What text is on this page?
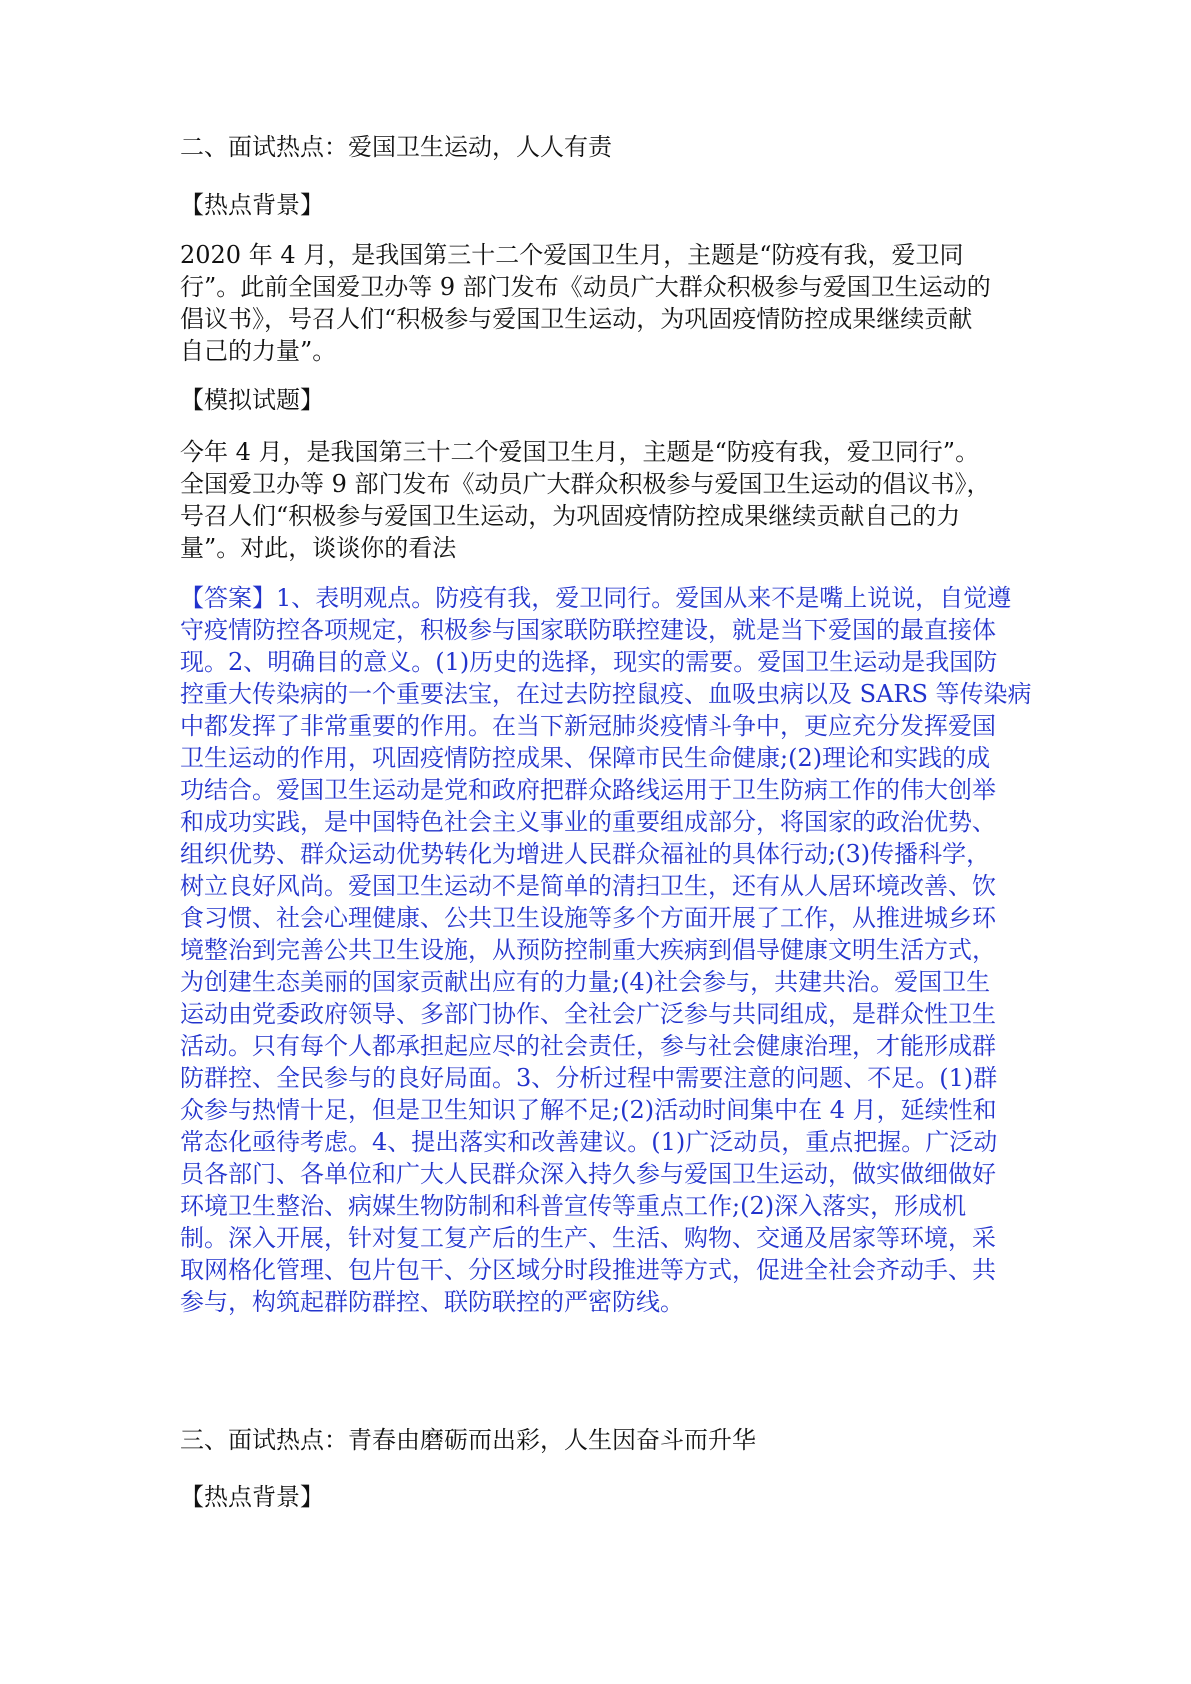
二、面试热点：爱国卫生运动，人人有责
【热点背景】
2020 年 4 月，是我国第三十二个爱国卫生月，主题是“防疫有我，爱卫同
行”。此前全国爱卫办等 9 部门发布《动员广大群众积极参与爱国卫生运动的
倡议书》，号召人们“积极参与爱国卫生运动，为巩固疫情防控成果继续贡献
自己的力量”。
【模拟试题】
今年 4 月，是我国第三十二个爱国卫生月，主题是“防疫有我，爱卫同行”。
全国爱卫办等 9 部门发布《动员广大群众积极参与爱国卫生运动的倡议书》，
号召人们“积极参与爱国卫生运动，为巩固疫情防控成果继续贡献自己的力
量”。对此，谈谈你的看法
【答案】1、表明观点。防疫有我，爱卫同行。爱国从来不是嘴上说说，自觉遵
守疫情防控各项规定，积极参与国家联防联控建设，就是当下爱国的最直接体
现。2、明确目的意义。(1)历史的选择，现实的需要。爱国卫生运动是我国防
控重大传染病的一个重要法宝，在过去防控鼠疫、血吸虫病以及 SARS 等传染病
中都发挥了非常重要的作用。在当下新冠肺炎疫情斗争中，更应充分发挥爱国
卫生运动的作用，巩固疫情防控成果、保障市民生命健康;(2)理论和实践的成
功结合。爱国卫生运动是党和政府把群众路线运用于卫生防病工作的伟大创举
和成功实践，是中国特色社会主义事业的重要组成部分，将国家的政治优势、
组织优势、群众运动优势转化为增进人民群众福祉的具体行动;(3)传播科学，
树立良好风尚。爱国卫生运动不是简单的清扫卫生，还有从人居环境改善、饮
食习惯、社会心理健康、公共卫生设施等多个方面开展了工作，从推进城乡环
境整治到完善公共卫生设施，从预防控制重大疾病到倡导健康文明生活方式，
为创建生态美丽的国家贡献出应有的力量;(4)社会参与，共建共治。爱国卫生
运动由党委政府领导、多部门协作、全社会广泛参与共同组成，是群众性卫生
活动。只有每个人都承担起应尽的社会责任，参与社会健康治理，才能形成群
防群控、全民参与的良好局面。3、分析过程中需要注意的问题、不足。(1)群
众参与热情十足，但是卫生知识了解不足;(2)活动时间集中在 4 月，延续性和
常态化亟待考虑。4、提出落实和改善建议。(1)广泛动员，重点把握。广泛动
员各部门、各单位和广大人民群众深入持久参与爱国卫生运动，做实做细做好
环境卫生整治、病媒生物防制和科普宣传等重点工作;(2)深入落实，形成机
制。深入开展，针对复工复产后的生产、生活、购物、交通及居家等环境，采
取网格化管理、包片包干、分区域分时段推进等方式，促进全社会齐动手、共
参与，构筑起群防群控、联防联控的严密防线。
三、面试热点：青春由磨砺而出彩，人生因奋斗而升华
【热点背景】
